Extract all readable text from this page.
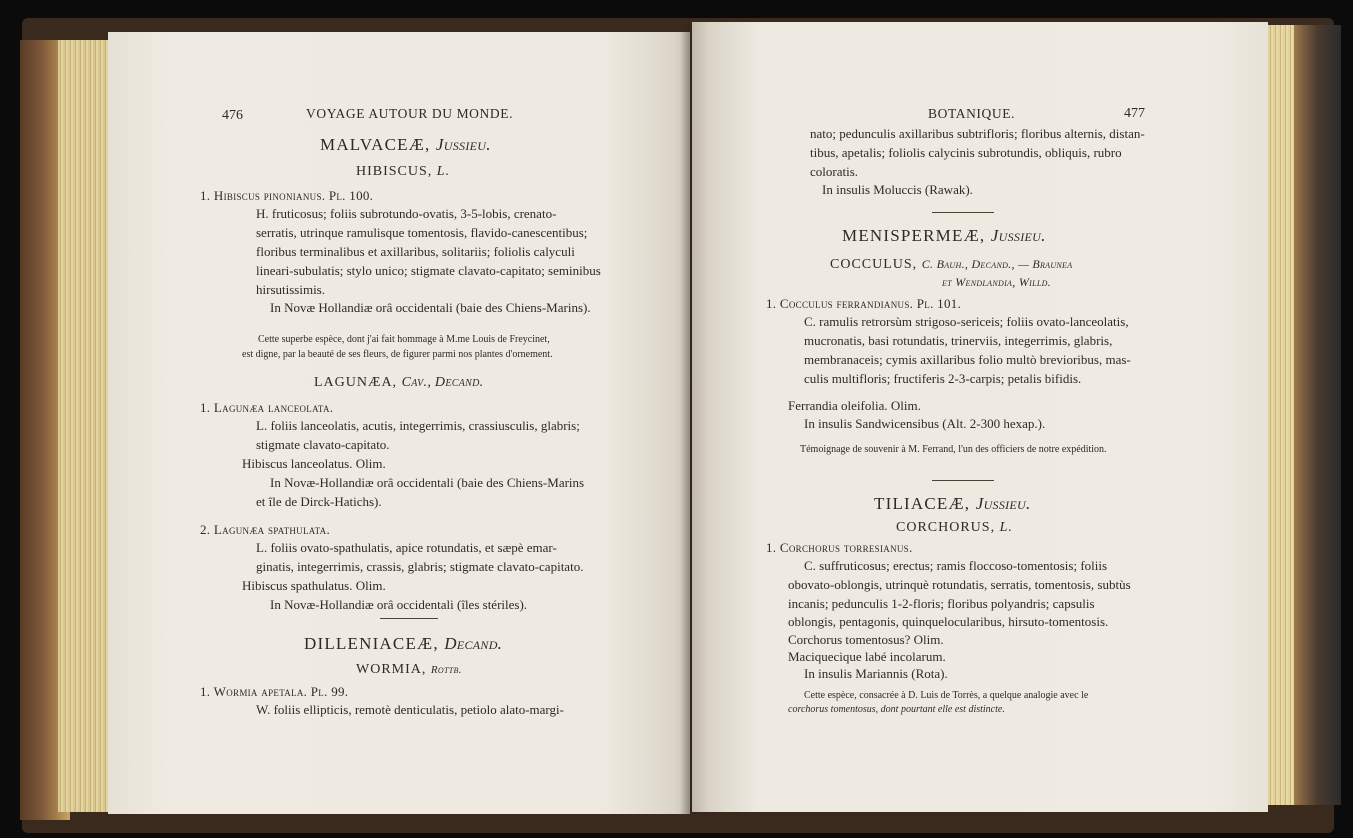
476	VOYAGE AUTOUR DU MONDE.
MALVACEÆ, Jussieu.
HIBISCUS, L.
1. Hibiscus pinonianus. Pl. 100.
H. fruticosus; foliis subrotundo-ovatis, 3-5-lobis, crenato-
serratis, utrinque ramulisque tomentosis, flavido-canescentibus;
floribus terminalibus et axillaribus, solitariis; foliolis calyculi
lineari-subulatis; stylo unico; stigmate clavato-capitato; seminibus
hirsutissimis.
In Novæ Hollandiæ orâ occidentali (baie des Chiens-Marins).
Cette superbe espèce, dont j'ai fait hommage à M.me Louis de Freycinet,
est digne, par la beauté de ses fleurs, de figurer parmi nos plantes d'ornement.
LAGUNÆA, Cav., Decand.
1. Lagunæa lanceolata.
L. foliis lanceolatis, acutis, integerrimis, crassiusculis, glabris;
stigmate clavato-capitato.
Hibiscus lanceolatus. Olim.
In Novæ-Hollandiæ orâ occidentali (baie des Chiens-Marins
et île de Dirck-Hatichs).
2. Lagunæa spathulata.
L. foliis ovato-spathulatis, apice rotundatis, et sæpè emar-
ginatis, integerrimis, crassis, glabris; stigmate clavato-capitato.
Hibiscus spathulatus. Olim.
In Novæ-Hollandiæ orâ occidentali (îles stériles).
DILLENIACEÆ, Decand.
WORMIA, Rottb.
1. Wormia apetala. Pl. 99.
W. foliis ellipticis, remotè denticulatis, petiolo alato-margi-
BOTANIQUE.	477
nato; pedunculis axillaribus subtrifloris; floribus alternis, distan-
tibus, apetalis; foliolis calycinis subrotundis, obliquis, rubro
coloratis.
In insulis Moluccis (Rawak).
MENISPERMEÆ, Jussieu.
COCCULUS, C. Bauh., Decand., — Braunea
et Wendlandia, Willd.
1. Cocculus ferrandianus. Pl. 101.
C. ramulis retrorsùm strigoso-sericeis; foliis ovato-lanceolatis,
mucronatis, basi rotundatis, trinerviis, integerrimis, glabris,
membranaceis; cymis axillaribus folio multò brevioribus, mas-
culis multifloris; fructiferis 2-3-carpis; petalis bifidis.
Ferrandia oleifolia. Olim.
In insulis Sandwicensibus (Alt. 2-300 hexap.).
Témoignage de souvenir à M. Ferrand, l'un des officiers de notre expédition.
TILIACEÆ, Jussieu.
CORCHORUS, L.
1. Corchorus torresianus.
C. suffruticosus; erectus; ramis floccoso-tomentosis; foliis
obovato-oblongis, utrinquè rotundatis, serratis, tomentosis, subtùs
incanis; pedunculis 1-2-floris; floribus polyandris; capsulis
oblongis, pentagonis, quinquelocularibus, hirsuto-tomentosis.
Corchorus tomentosus? Olim.
Maciquecique labé incolarum.
In insulis Mariannis (Rota).
Cette espèce, consacrée à D. Luis de Torrès, a quelque analogie avec le
corchorus tomentosus, dont pourtant elle est distincte.
